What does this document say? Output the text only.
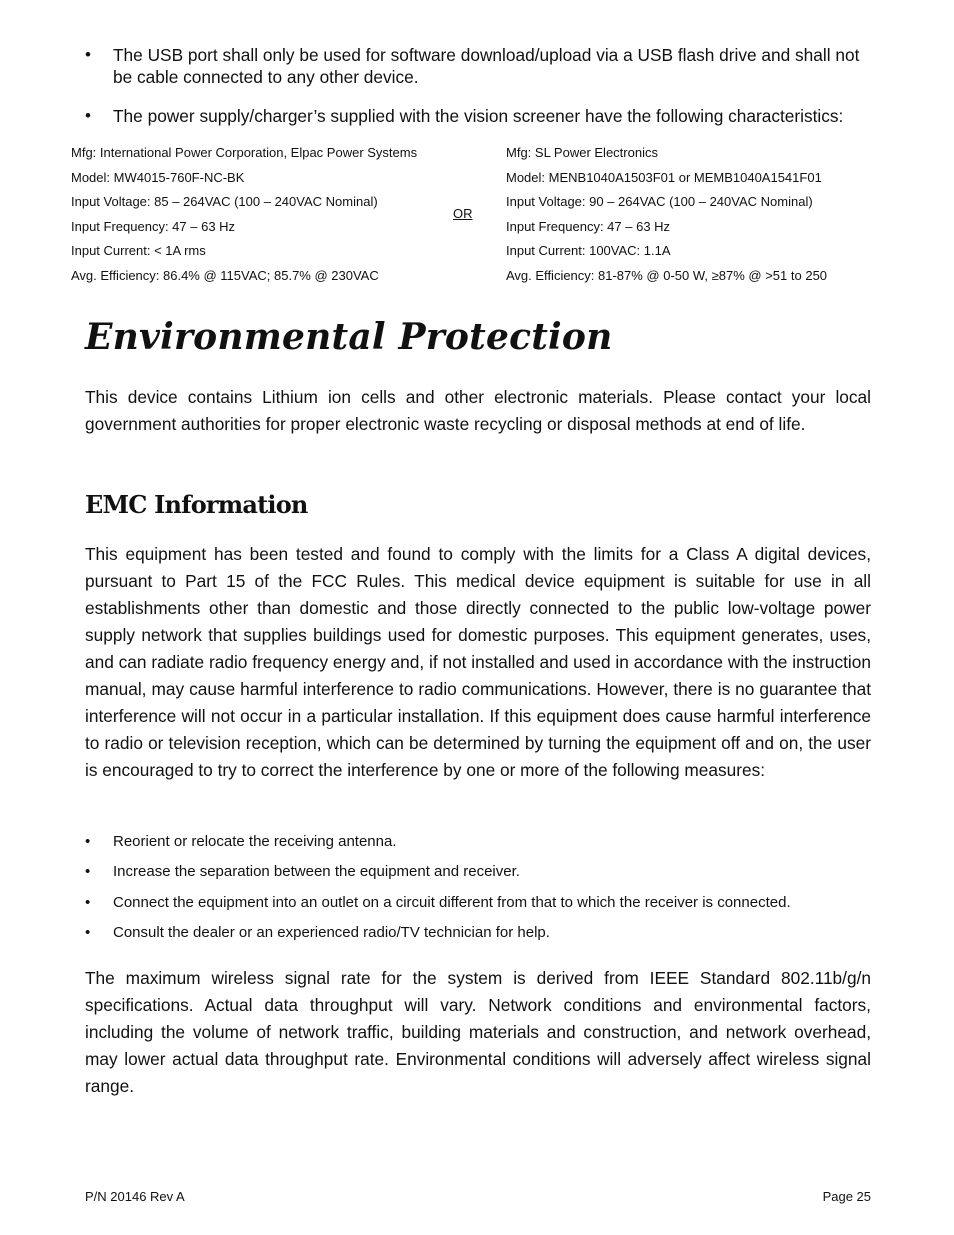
• The USB port shall only be used for software download/upload via a USB flash drive and shall not be cable connected to any other device.
• The power supply/charger’s supplied with the vision screener have the following characteristics:
Mfg: International Power Corporation, Elpac Power Systems
Model: MW4015-760F-NC-BK
Input Voltage: 85 – 264VAC (100 – 240VAC Nominal)
Input Frequency: 47 – 63 Hz
Input Current: < 1A rms
Avg. Efficiency: 86.4% @ 115VAC; 85.7% @ 230VAC
OR
Mfg: SL Power Electronics
Model: MENB1040A1503F01 or MEMB1040A1541F01
Input Voltage: 90 – 264VAC (100 – 240VAC Nominal)
Input Frequency: 47 – 63 Hz
Input Current: 100VAC: 1.1A
Avg. Efficiency: 81-87% @ 0-50 W, ≥87% @ >51 to 250
Environmental Protection

This device contains Lithium ion cells and other electronic materials. Please contact your local government authorities for proper electronic waste recycling or disposal methods at end of life.

EMC Information

This equipment has been tested and found to comply with the limits for a Class A digital devices, pursuant to Part 15 of the FCC Rules. This medical device equipment is suitable for use in all establishments other than domestic and those directly connected to the public low-voltage power supply network that supplies buildings used for domestic purposes. This equipment generates, uses, and can radiate radio frequency energy and, if not installed and used in accordance with the instruction manual, may cause harmful interference to radio communications. However, there is no guarantee that interference will not occur in a particular installation. If this equipment does cause harmful interference to radio or television reception, which can be determined by turning the equipment off and on, the user is encouraged to try to correct the interference by one or more of the following measures:

• Reorient or relocate the receiving antenna.
• Increase the separation between the equipment and receiver.
• Connect the equipment into an outlet on a circuit different from that to which the receiver is connected.
• Consult the dealer or an experienced radio/TV technician for help.

The maximum wireless signal rate for the system is derived from IEEE Standard 802.11b/g/n specifications. Actual data throughput will vary. Network conditions and environmental factors, including the volume of network traffic, building materials and construction, and network overhead, may lower actual data throughput rate. Environmental conditions will adversely affect wireless signal range.

P/N 20146 Rev A	Page 25
